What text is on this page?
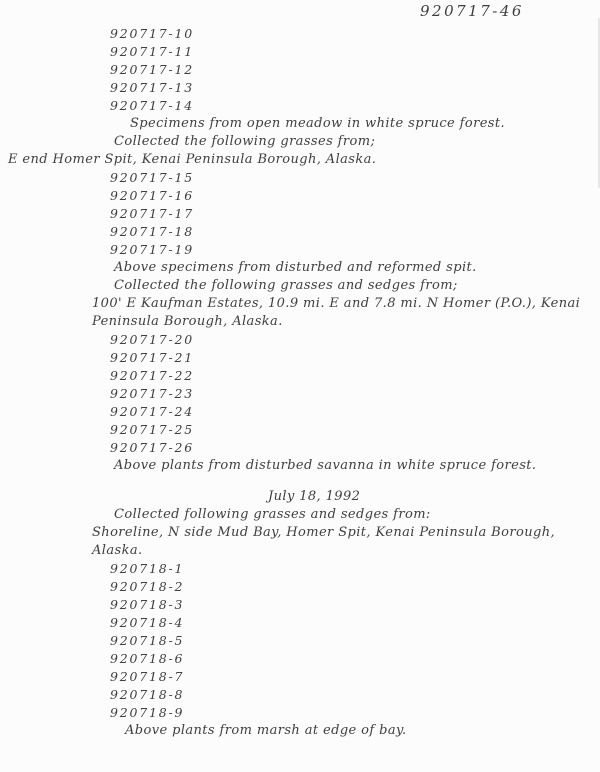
920717-46
920717-10
920717-11
920717-12
920717-13
920717-14
Specimens from open meadow in white spruce forest.
Collected the following grasses from;
E end Homer Spit, Kenai Peninsula Borough, Alaska.
920717-15
920717-16
920717-17
920717-18
920717-19
Above specimens from disturbed and reformed spit.
Collected the following grasses and sedges from;
100' E Kaufman Estates, 10.9 mi. E and 7.8 mi. N Homer (P.O.), Kenai
Peninsula Borough, Alaska.
920717-20
920717-21
920717-22
920717-23
920717-24
920717-25
920717-26
Above plants from disturbed savanna in white spruce forest.
July 18, 1992
Collected following grasses and sedges from:
Shoreline, N side Mud Bay, Homer Spit, Kenai Peninsula Borough,
Alaska.
920718-1
920718-2
920718-3
920718-4
920718-5
920718-6
920718-7
920718-8
920718-9
Above plants from marsh at edge of bay.
